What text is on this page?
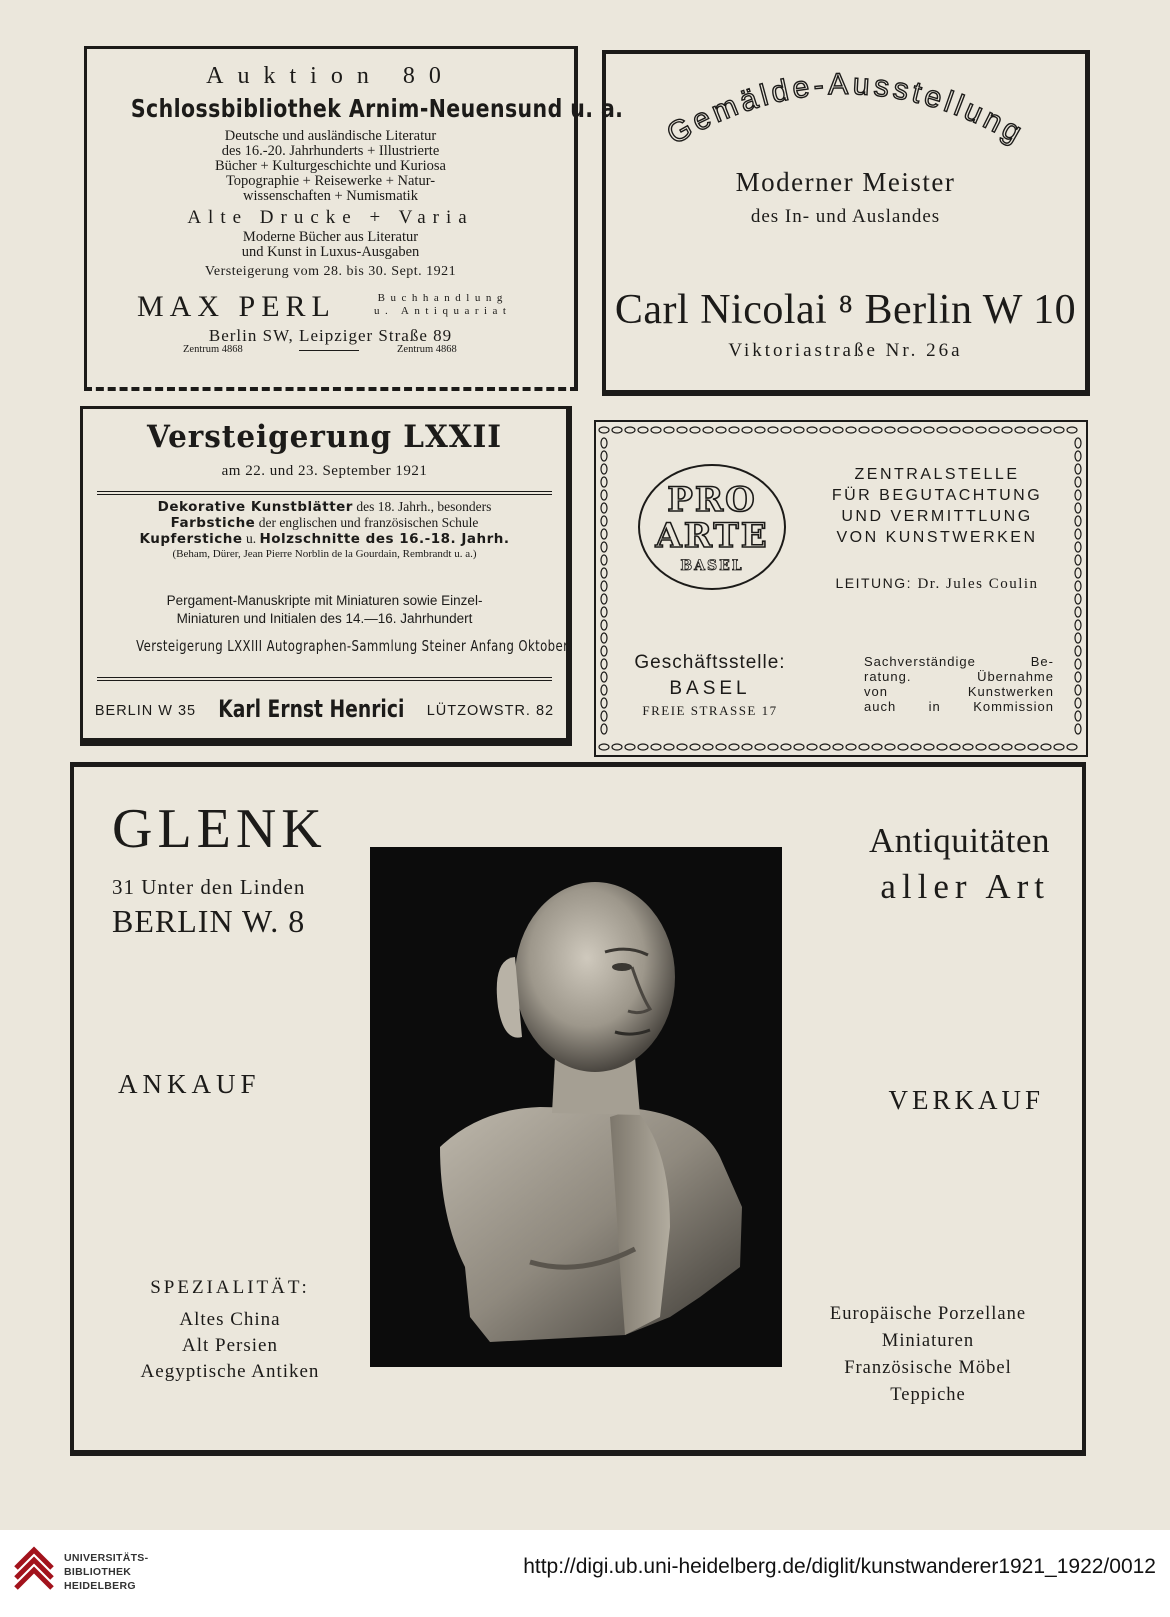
Auktion 80
Schlossbibliothek Arnim-Neuensund u. a.
Deutsche und ausländische Literatur
des 16.-20. Jahrhunderts + Illustrierte
Bücher + Kulturgeschichte und Kuriosa
Topographie + Reisewerke + Natur-
wissenschaften + Numismatik
Alte Drucke + Varia
Moderne Bücher aus Literatur
und Kunst in Luxus-Ausgaben
Versteigerung vom 28. bis 30. Sept. 1921
MAX PERL	Buchhandlung
u. Antiquariat
Berlin SW, Leipziger Straße 89
Zentrum 4868	Zentrum 4868
Gemälde-Ausstellung
Moderner Meister
des In- und Auslandes
Carl Nicolai ⁸ Berlin W 10
Viktoriastraße Nr. 26a
Versteigerung LXXII
am 22. und 23. September 1921
Dekorative Kunstblätter des 18. Jahrh., besonders
Farbstiche der englischen und französischen Schule
Kupferstiche u. Holzschnitte des 16.-18. Jahrh.
(Beham, Dürer, Jean Pierre Norblin de la Gourdain, Rembrandt u. a.)
Pergament-Manuskripte mit Miniaturen sowie Einzel-
Miniaturen und Initialen des 14.—16. Jahrhundert
Versteigerung LXXIII Autographen-Sammlung Steiner Anfang Oktober
BERLIN W 35 Karl Ernst Henrici LÜTZOWSTR. 82
PRO
ARTE
BASEL
ZENTRALSTELLE
FÜR BEGUTACHTUNG
UND VERMITTLUNG
VON KUNSTWERKEN
LEITUNG: Dr. Jules Coulin
Geschäftsstelle:
BASEL
FREIE STRASSE 17
Sachverständige Be-
ratung. Übernahme
von Kunstwerken
auch in Kommission
GLENK
31 Unter den Linden
BERLIN W. 8
ANKAUF
SPEZIALITÄT:
Altes China
Alt Persien
Aegyptische Antiken
Antiquitäten
aller Art
VERKAUF
Europäische Porzellane
Miniaturen
Französische Möbel
Teppiche
UNIVERSITÄTS-
BIBLIOTHEK
HEIDELBERG
http://digi.ub.uni-heidelberg.de/diglit/kunstwanderer1921_1922/0012
